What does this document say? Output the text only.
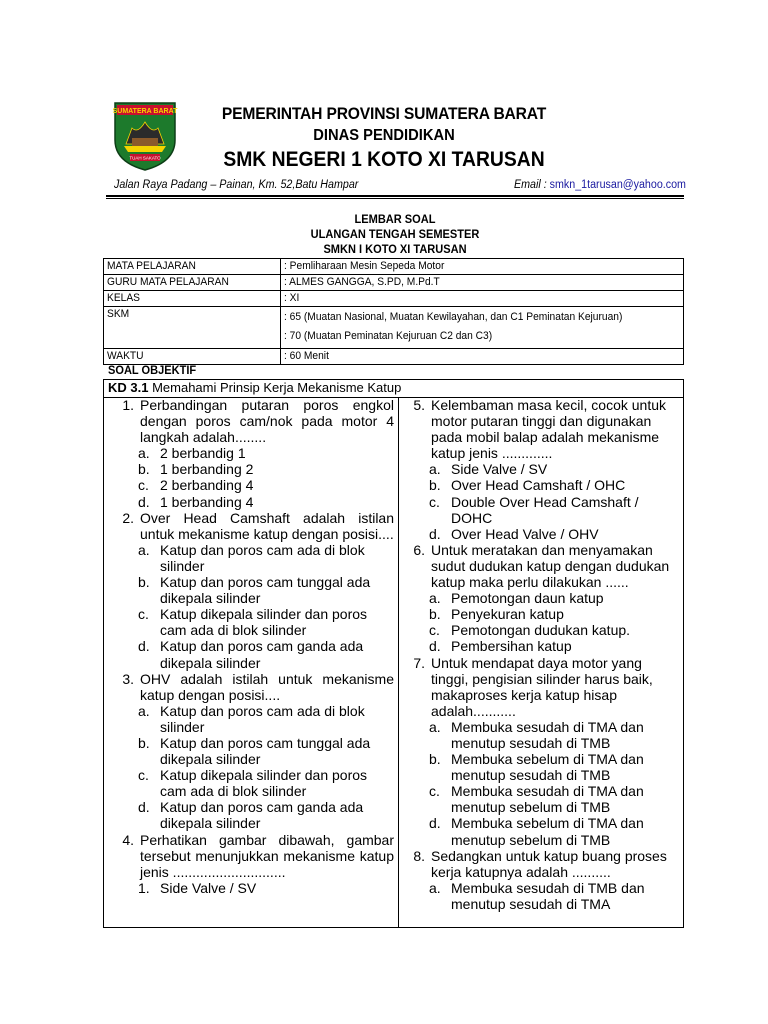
SUMATERA BARAT
TUAH SAKATO
PEMERINTAH PROVINSI SUMATERA BARAT
DINAS PENDIDIKAN
SMK NEGERI 1 KOTO XI TARUSAN
Jalan Raya Padang – Painan, Km. 52,Batu Hampar	Email : smkn_1tarusan@yahoo.com
LEMBAR SOAL
ULANGAN TENGAH SEMESTER
SMKN I KOTO XI TARUSAN
MATA PELAJARAN	: Pemliharaan Mesin Sepeda Motor

GURU MATA PELAJARAN	: ALMES GANGGA, S.PD, M.Pd.T

KELAS	: XI

SKM	: 65 (Muatan Nasional, Muatan Kewilayahan, dan C1 Peminatan Kejuruan)
: 70 (Muatan Peminatan Kejuruan C2 dan C3)

WAKTU	: 60 Menit
SOAL OBJEKTIF
KD 3.1 Memahami Prinsip Kerja Mekanisme Katup
1. Perbandingan putaran poros engkol dengan poros cam/nok pada motor 4 langkah adalah........
a. 2 berbandig 1
b. 1 berbanding 2
c. 2 berbanding 4
d. 1 berbanding 4
2. Over Head Camshaft adalah istilan untuk mekanisme katup dengan posisi....
a. Katup dan poros cam ada di blok silinder
b. Katup dan poros cam tunggal ada dikepala silinder
c. Katup dikepala silinder dan poros cam ada di blok silinder
d. Katup dan poros cam ganda ada dikepala silinder
3. OHV adalah istilah untuk mekanisme katup dengan posisi....
a. Katup dan poros cam ada di blok silinder
b. Katup dan poros cam tunggal ada dikepala silinder
c. Katup dikepala silinder dan poros cam ada di blok silinder
d. Katup dan poros cam ganda ada dikepala silinder
4. Perhatikan gambar dibawah, gambar tersebut menunjukkan mekanisme katup jenis .............................
1. Side Valve / SV
5. Kelembaman masa kecil, cocok untuk motor putaran tinggi dan digunakan pada mobil balap adalah mekanisme katup jenis .............
a. Side Valve / SV
b. Over Head Camshaft / OHC
c. Double Over Head Camshaft / DOHC
d. Over Head Valve / OHV
6. Untuk meratakan dan menyamakan sudut dudukan katup dengan dudukan katup maka perlu dilakukan ......
a. Pemotongan daun katup
b. Penyekuran katup
c. Pemotongan dudukan katup.
d. Pembersihan katup
7. Untuk mendapat daya motor yang tinggi, pengisian silinder harus baik, makaproses kerja katup hisap adalah...........
a. Membuka sesudah di TMA dan menutup sesudah di TMB
b. Membuka sebelum di TMA dan menutup sesudah di TMB
c. Membuka sesudah di TMA dan menutup sebelum di TMB
d. Membuka sebelum di TMA dan menutup sebelum di TMB
8. Sedangkan untuk katup buang proses kerja katupnya adalah ..........
a. Membuka sesudah di TMB dan menutup sesudah di TMA
